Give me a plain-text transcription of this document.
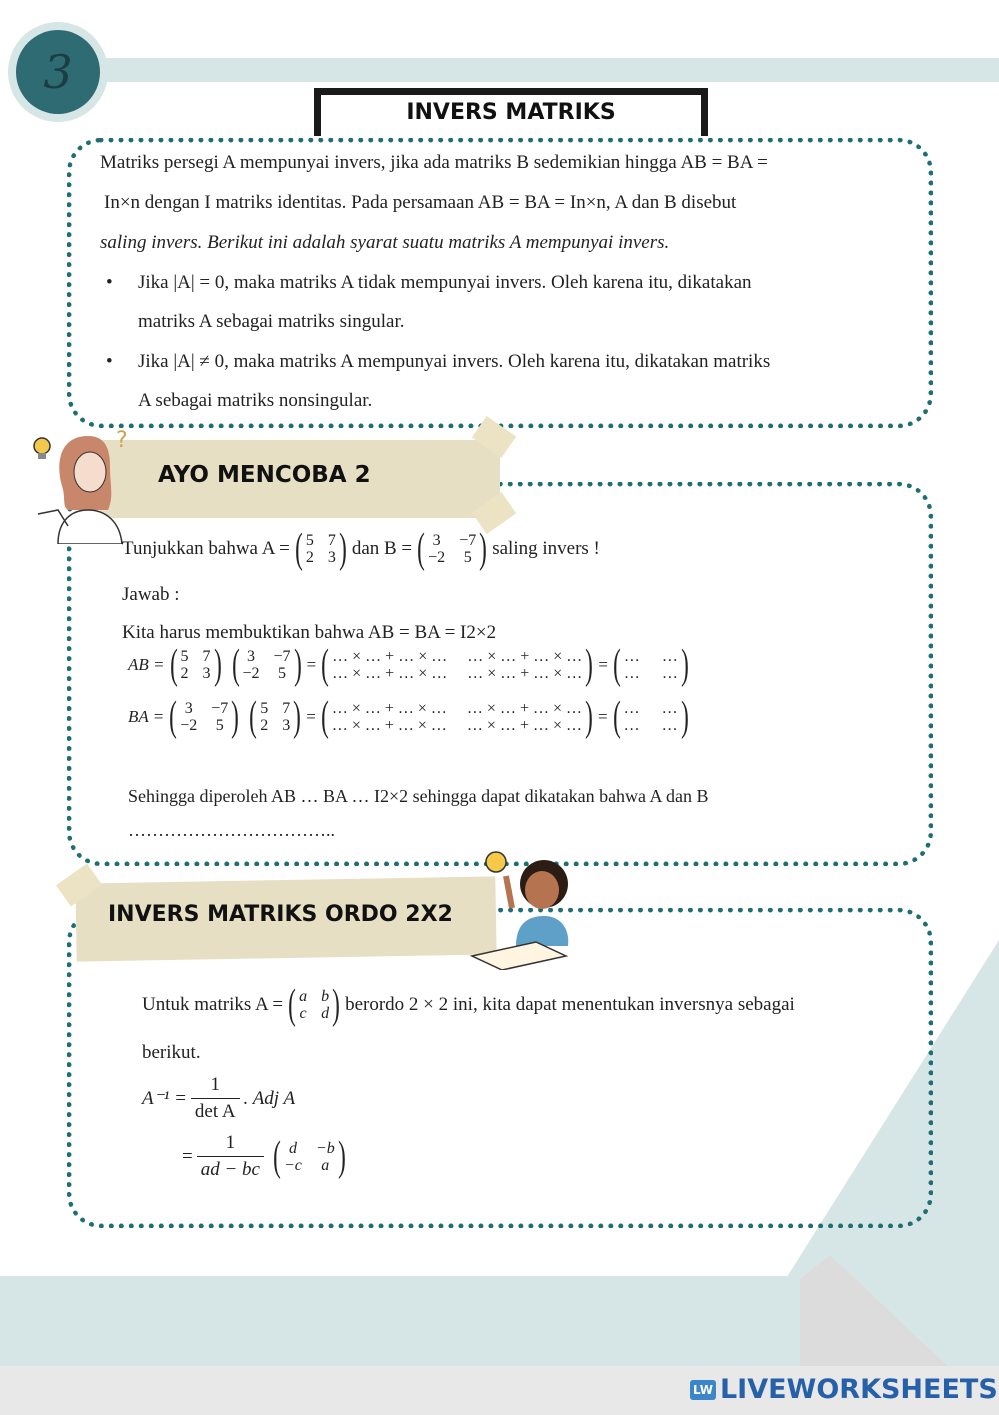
3
INVERS MATRIKS
Matriks persegi A mempunyai invers, jika ada matriks B sedemikian hingga AB = BA =
In×n dengan I matriks identitas. Pada persamaan AB = BA = In×n, A dan B disebut
saling invers. Berikut ini adalah syarat suatu matriks A mempunyai invers.
• Jika |A| = 0, maka matriks A tidak mempunyai invers. Oleh karena itu, dikatakan
matriks A sebagai matriks singular.
• Jika |A| ≠ 0, maka matriks A mempunyai invers. Oleh karena itu, dikatakan matriks
A sebagai matriks nonsingular.
AYO MENCOBA 2
?
Tunjukkan bahwa A = ( 5 7
2 3 ) dan B = ( 3 −7
−2 5 ) saling invers !
Jawab :
Kita harus membuktikan bahwa AB = BA = I2×2
AB = ( 5 7
2 3 ) ( 3 −7
−2 5 ) = ( … × … + … × … … × … + … × …
… × … + … × … … × … + … × … ) = ( … …
… … )
BA = ( 3 −7
−2 5 ) ( 5 7
2 3 ) = ( … × … + … × … … × … + … × …
… × … + … × … … × … + … × … ) = ( … …
… … )
Sehingga diperoleh AB … BA … I2×2 sehingga dapat dikatakan bahwa A dan B
……………………………..
INVERS MATRIKS ORDO 2X2
Untuk matriks A = ( a b
c d ) berordo 2 × 2 ini, kita dapat menentukan inversnya sebagai
berikut.
$A^{-1} = \frac{1}{\text{det A}}$ . Adj A
= $\frac{1}{ad - bc}$ ( d	−b
−c	a )
LW LIVEWORKSHEETS
